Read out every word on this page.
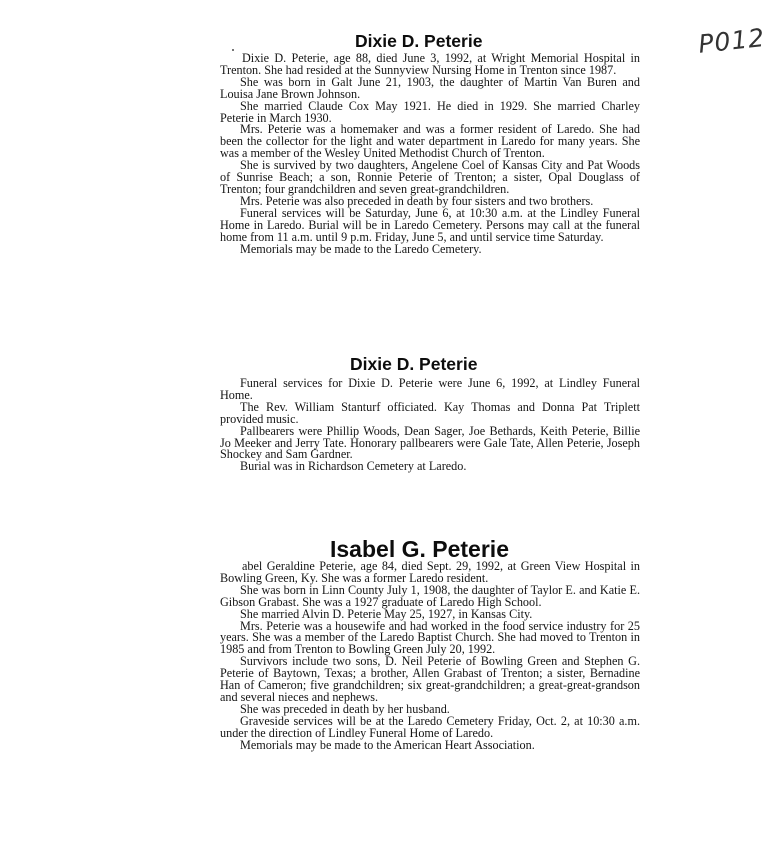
P012
Dixie D. Peterie

Dixie D. Peterie, age 88, died June 3, 1992, at Wright Memorial Hospital in Trenton. She had resided at the Sunnyview Nursing Home in Trenton since 1987.

She was born in Galt June 21, 1903, the daughter of Martin Van Buren and Louisa Jane Brown Johnson.

She married Claude Cox May 1921. He died in 1929. She married Charley Peterie in March 1930.

Mrs. Peterie was a homemaker and was a former resident of Laredo. She had been the collector for the light and water department in Laredo for many years. She was a member of the Wesley United Methodist Church of Trenton.

She is survived by two daughters, Angelene Coel of Kansas City and Pat Woods of Sunrise Beach; a son, Ronnie Peterie of Trenton; a sister, Opal Douglass of Trenton; four grandchildren and seven great-grandchildren.

Mrs. Peterie was also preceded in death by four sisters and two brothers.

Funeral services will be Saturday, June 6, at 10:30 a.m. at the Lindley Funeral Home in Laredo. Burial will be in Laredo Cemetery. Persons may call at the funeral home from 11 a.m. until 9 p.m. Friday, June 5, and until service time Saturday.

Memorials may be made to the Laredo Cemetery.

Dixie D. Peterie

Funeral services for Dixie D. Peterie were June 6, 1992, at Lindley Funeral Home.

The Rev. William Stanturf officiated. Kay Thomas and Donna Pat Triplett provided music.

Pallbearers were Phillip Woods, Dean Sager, Joe Bethards, Keith Peterie, Billie Jo Meeker and Jerry Tate. Honorary pallbearers were Gale Tate, Allen Peterie, Joseph Shockey and Sam Gardner.

Burial was in Richardson Cemetery at Laredo.

Isabel G. Peterie

abel Geraldine Peterie, age 84, died Sept. 29, 1992, at Green View Hospital in Bowling Green, Ky. She was a former Laredo resident.

She was born in Linn County July 1, 1908, the daughter of Taylor E. and Katie E. Gibson Grabast. She was a 1927 graduate of Laredo High School.

She married Alvin D. Peterie May 25, 1927, in Kansas City.

Mrs. Peterie was a housewife and had worked in the food service industry for 25 years. She was a member of the Laredo Baptist Church. She had moved to Trenton in 1985 and from Trenton to Bowling Green July 20, 1992.

Survivors include two sons, D. Neil Peterie of Bowling Green and Stephen G. Peterie of Baytown, Texas; a brother, Allen Grabast of Trenton; a sister, Bernadine Han of Cameron; five grandchildren; six great-grandchildren; a great-great-grandson and several nieces and nephews.

She was preceded in death by her husband.

Graveside services will be at the Laredo Cemetery Friday, Oct. 2, at 10:30 a.m. under the direction of Lindley Funeral Home of Laredo.

Memorials may be made to the American Heart Association.
